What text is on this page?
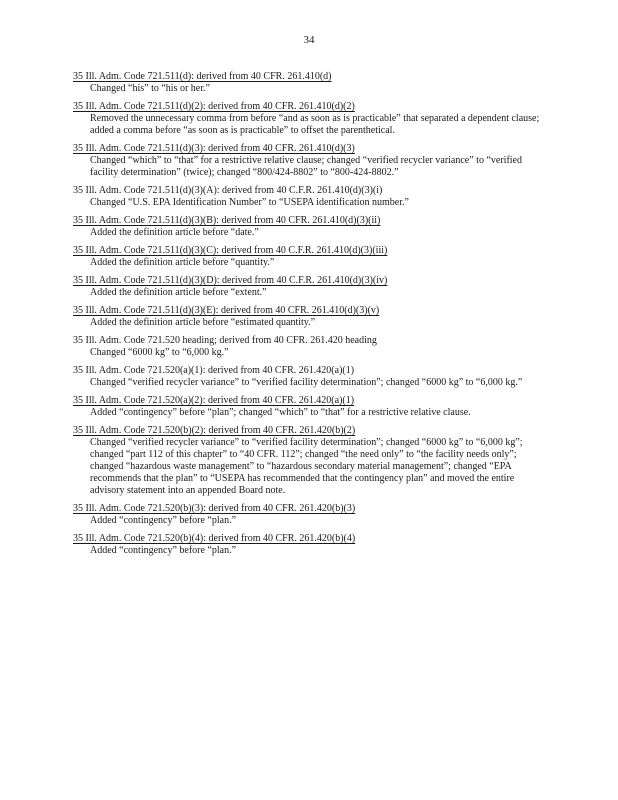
34
35 Ill. Adm. Code 721.511(d): derived from 40 CFR. 261.410(d)
Changed “his” to “his or her.”
35 Ill. Adm. Code 721.511(d)(2): derived from 40 CFR. 261.410(d)(2)
Removed the unnecessary comma from before “and as soon as is practicable” that separated a dependent clause; added a comma before “as soon as is practicable” to offset the parenthetical.
35 Ill. Adm. Code 721.511(d)(3): derived from 40 CFR. 261.410(d)(3)
Changed “which” to “that” for a restrictive relative clause; changed “verified recycler variance” to “verified facility determination” (twice); changed “800/424-8802” to “800-424-8802.”
35 Ill. Adm. Code 721.511(d)(3)(A): derived from 40 C.F.R. 261.410(d)(3)(i)
Changed “U.S. EPA Identification Number” to “USEPA identification number.”
35 Ill. Adm. Code 721.511(d)(3)(B): derived from 40 CFR. 261.410(d)(3)(ii)
Added the definition article before “date.”
35 Ill. Adm. Code 721.511(d)(3)(C): derived from 40 C.F.R. 261.410(d)(3)(iii)
Added the definition article before “quantity.”
35 Ill. Adm. Code 721.511(d)(3)(D): derived from 40 C.F.R. 261.410(d)(3)(iv)
Added the definition article before “extent.”
35 Ill. Adm. Code 721.511(d)(3)(E): derived from 40 CFR. 261.410(d)(3)(v)
Added the definition article before “estimated quantity.”
35 Ill. Adm. Code 721.520 heading; derived from 40 CFR. 261.420 heading
Changed “6000 kg” to “6,000 kg.”
35 Ill. Adm. Code 721.520(a)(1): derived from 40 CFR. 261.420(a)(1)
Changed “verified recycler variance” to “verified facility determination”; changed “6000 kg” to “6,000 kg.”
35 Ill. Adm. Code 721.520(a)(2): derived from 40 CFR. 261.420(a)(1)
Added “contingency” before “plan”; changed “which” to “that” for a restrictive relative clause.
35 Ill. Adm. Code 721.520(b)(2): derived from 40 CFR. 261.420(b)(2)
Changed “verified recycler variance” to “verified facility determination”; changed “6000 kg” to “6,000 kg”; changed “part 112 of this chapter” to “40 CFR. 112”; changed “the need only” to “the facility needs only”; changed “hazardous waste management” to “hazardous secondary material management”; changed “EPA recommends that the plan” to “USEPA has recommended that the contingency plan” and moved the entire advisory statement into an appended Board note.
35 Ill. Adm. Code 721.520(b)(3): derived from 40 CFR. 261.420(b)(3)
Added “contingency” before “plan.”
35 Ill. Adm. Code 721.520(b)(4): derived from 40 CFR. 261.420(b)(4)
Added “contingency” before “plan.”
